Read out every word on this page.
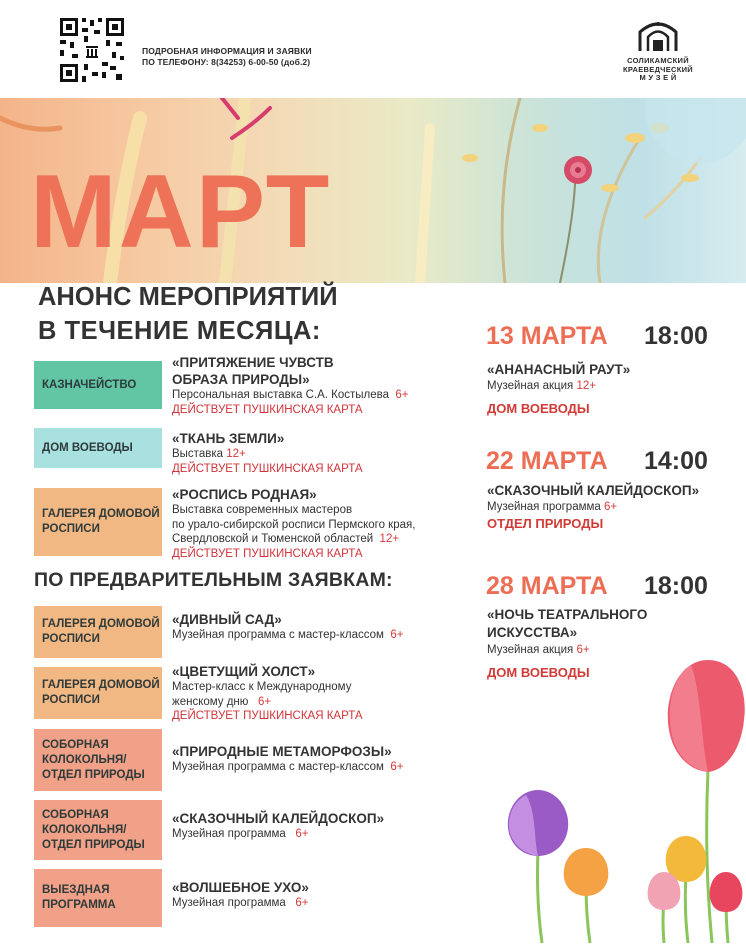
ПОДРОБНАЯ ИНФОРМАЦИЯ И ЗАЯВКИ
ПО ТЕЛЕФОНУ: 8(34253) 6-00-50 (доб.2)	СОЛИКАМСКИЙ
КРАЕВЕДЧЕСКИЙ
М У З Е Й
МАРТ
АНОНС МЕРОПРИЯТИЙ
В ТЕЧЕНИЕ МЕСЯЦА:
КАЗНАЧЕЙСТВО
«ПРИТЯЖЕНИЕ ЧУВСТВ
ОБРАЗА ПРИРОДЫ»
Персональная выставка С.А. Костылева 6+
ДЕЙСТВУЕТ ПУШКИНСКАЯ КАРТА
ДОМ ВОЕВОДЫ
«ТКАНЬ ЗЕМЛИ»
Выставка 12+
ДЕЙСТВУЕТ ПУШКИНСКАЯ КАРТА
ГАЛЕРЕЯ ДОМОВОЙ
РОСПИСИ
«РОСПИСЬ РОДНАЯ»
Выставка современных мастеров
по урало-сибирской росписи Пермского края,
Свердловской и Тюменской областей 12+
ДЕЙСТВУЕТ ПУШКИНСКАЯ КАРТА
ПО ПРЕДВАРИТЕЛЬНЫМ ЗАЯВКАМ:
ГАЛЕРЕЯ ДОМОВОЙ
РОСПИСИ
«ДИВНЫЙ САД»
Музейная программа с мастер-классом 6+
ГАЛЕРЕЯ ДОМОВОЙ
РОСПИСИ
«ЦВЕТУЩИЙ ХОЛСТ»
Мастер-класс к Международному
женскому дню 6+
ДЕЙСТВУЕТ ПУШКИНСКАЯ КАРТА
СОБОРНАЯ
КОЛОКОЛЬНЯ/
ОТДЕЛ ПРИРОДЫ
«ПРИРОДНЫЕ МЕТАМОРФОЗЫ»
Музейная программа с мастер-классом 6+
СОБОРНАЯ
КОЛОКОЛЬНЯ/
ОТДЕЛ ПРИРОДЫ
«СКАЗОЧНЫЙ КАЛЕЙДОСКОП»
Музейная программа 6+
ВЫЕЗДНАЯ
ПРОГРАММА
«ВОЛШЕБНОЕ УХО»
Музейная программа 6+
13 МАРТА 18:00
«АНАНАСНЫЙ РАУТ»
Музейная акция 12+
ДОМ ВОЕВОДЫ
22 МАРТА 14:00
«СКАЗОЧНЫЙ КАЛЕЙДОСКОП»
Музейная программа 6+
ОТДЕЛ ПРИРОДЫ
28 МАРТА 18:00
«НОЧЬ ТЕАТРАЛЬНОГО
ИСКУССТВА»
Музейная акция 6+
ДОМ ВОЕВОДЫ
